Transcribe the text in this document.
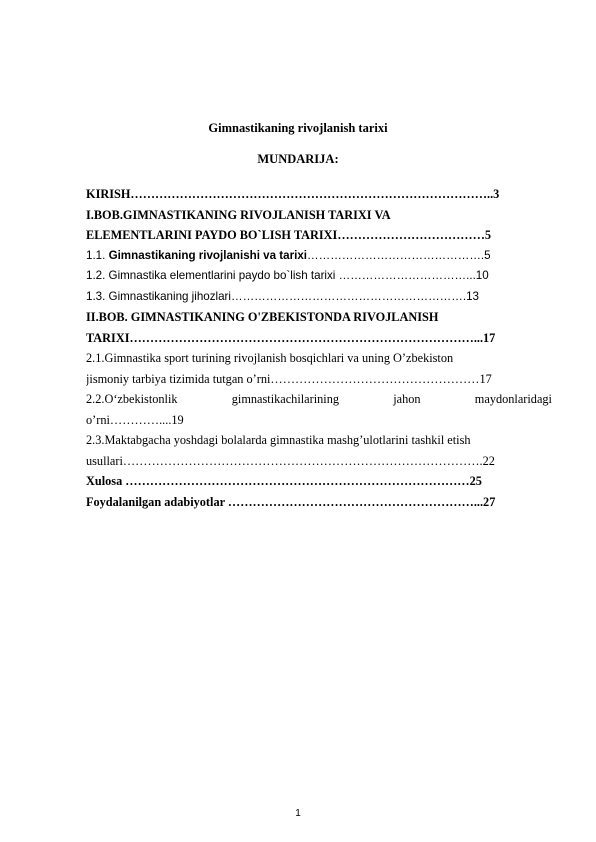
Gimnastikaning rivojlanish tarixi
MUNDARIJA:
KIRISH……………………………………………………………………………..3
I.BOB.GIMNASTIKANING RIVOJLANISH TARIXI VA
ELEMENTLARINI PAYDO BO`LISH TARIXI………………………………5
1.1. Gimnastikaning rivojlanishi va tarixi……………………………………….5
1.2. Gimnastika elementlarini paydo bo`lish tarixi ……………………………...10
1.3. Gimnastikaning jihozlari…………………………………………………….13
II.BOB. GIMNASTIKANING O'ZBEKISTONDA RIVOJLANISH
TARIXI…………………………………………………………………………...17
2.1.Gimnastika sport turining rivojlanish bosqichlari va uning O’zbekiston
jismoniy tarbiya tizimida tutgan o’rni……………………………………………17
2.2.O‘zbekistonlik	gimnastikachilarining	jahon	maydonlaridagi
o’rni…………....19
2.3.Maktabgacha yoshdagi bolalarda gimnastika mashg’ulotlarini tashkil etish
usullari…………………………………………………………………………….22
Xulosa …………………………………………………………………………25
Foydalanilgan adabiyotlar ……………………………………………………...27
1
